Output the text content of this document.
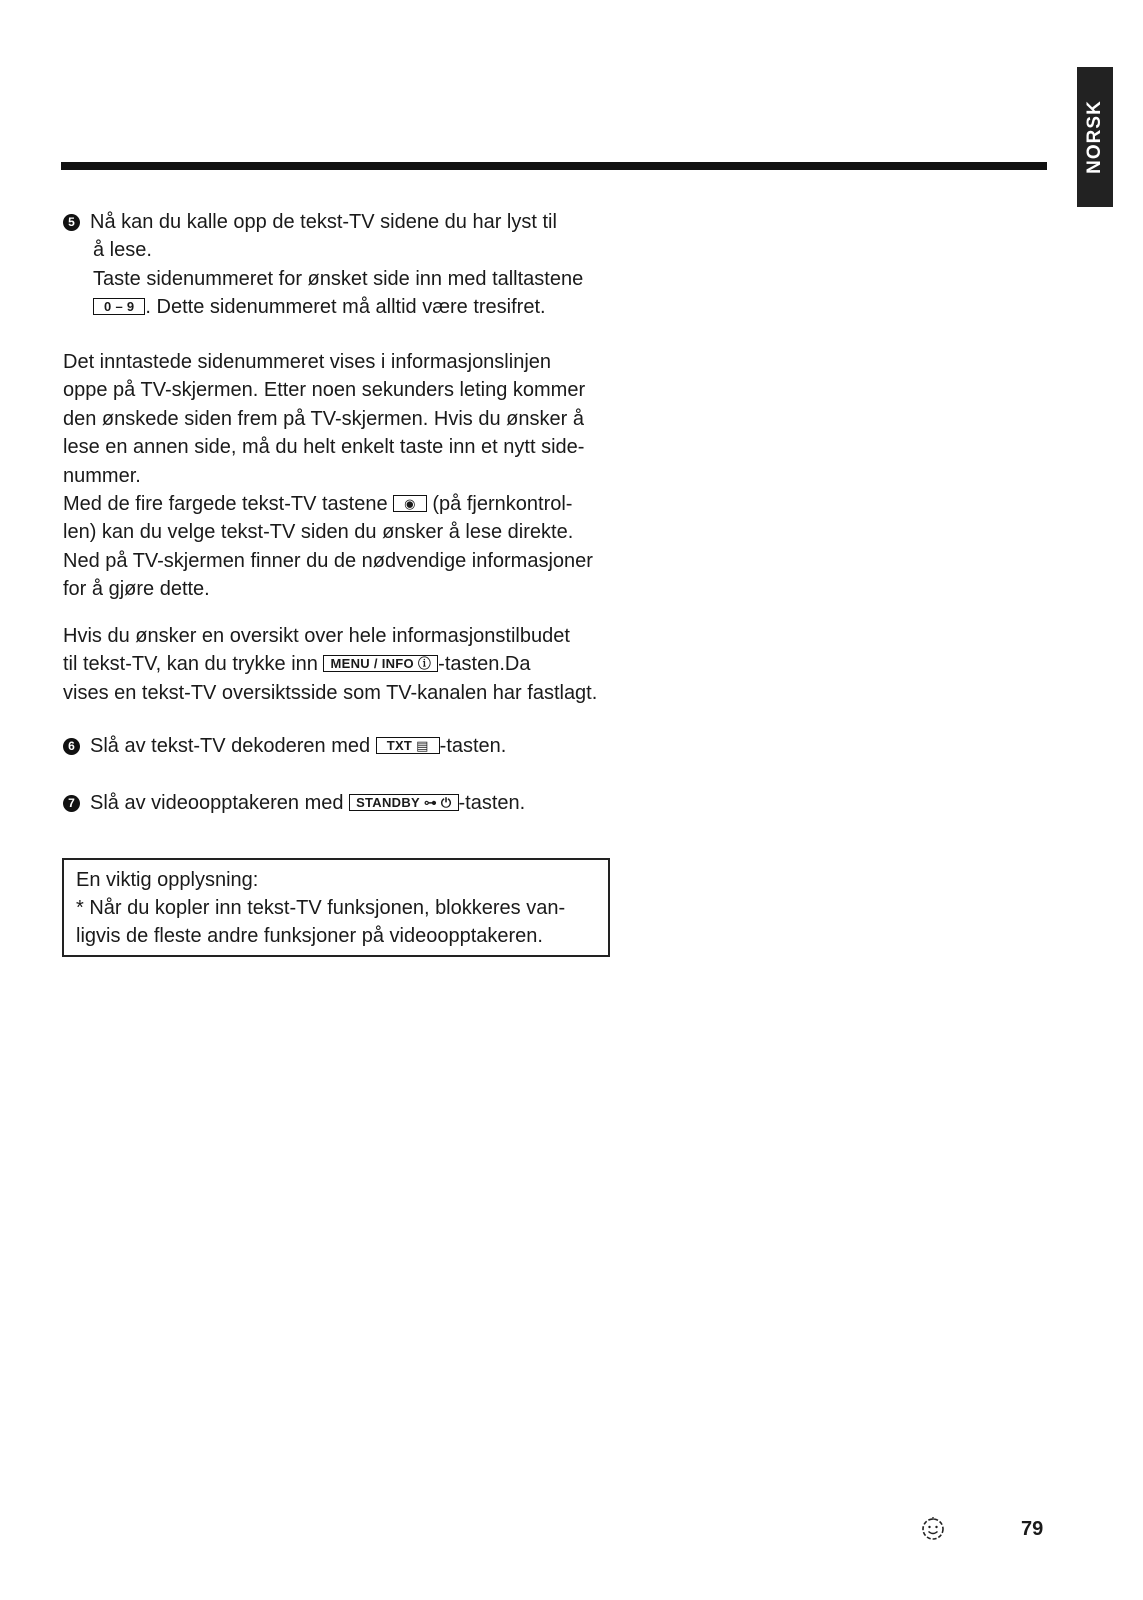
NORSK
5 Nå kan du kalle opp de tekst-TV sidene du har lyst til
å lese.
Taste sidenummeret for ønsket side inn med talltastene
0 – 9 . Dette sidenummeret må alltid være tresifret.
Det inntastede sidenummeret vises i informasjonslinjen
oppe på TV-skjermen. Etter noen sekunders leting kommer
den ønskede siden frem på TV-skjermen. Hvis du ønsker å
lese en annen side, må du helt enkelt taste inn et nytt side-
nummer.
Med de fire fargede tekst-TV tastene ◉ (på fjernkontrol-
len) kan du velge tekst-TV siden du ønsker å lese direkte.
Ned på TV-skjermen finner du de nødvendige informasjoner
for å gjøre dette.
Hvis du ønsker en oversikt over hele informasjonstilbudet
til tekst-TV, kan du trykke inn MENU / INFO ⓘ -tasten.Da
vises en tekst-TV oversiktsside som TV-kanalen har fastlagt.
6 Slå av tekst-TV dekoderen med TXT ▤ -tasten.
7 Slå av videoopptakeren med STANDBY ⊶ ⏻ -tasten.
En viktig opplysning:
* Når du kopler inn tekst-TV funksjonen, blokkeres van-
ligvis de fleste andre funksjoner på videoopptakeren.
79
